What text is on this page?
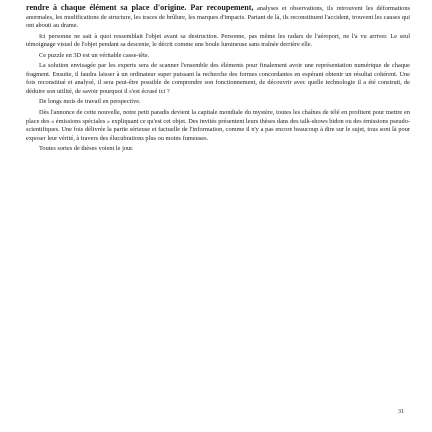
rendre à chaque élément sa place d'origine. Par recoupement, analyses et observations, ils retrouvent les déformations anormales, les modifications de structure, les traces de brûlure, les marques d'impacts. Partant de là, ils reconstituent l'accident, trouvent les causes qui ont abouti au drame.

Ici personne ne sait à quoi ressemblait l'objet avant sa destruction. Personne, pas même les radars de l'aéroport, ne l'a vu arriver. Le seul témoignage visuel de l'objet pendant sa descente, le décrit comme une boule lumineuse sans traînée derrière elle.

Ce puzzle en 3D est un véritable casse-tête.

La solution envisagée par les experts sera de scanner l'ensemble des éléments pour finalement avoir une représentation numérique de chaque fragment. Ensuite, il faudra laisser à un ordinateur super puissant la recherche des formes concordantes en espérant obtenir un résultat cohérent. Une fois reconstitué et analysé, il sera peut-être possible de comprendre son fonctionnement, de découvrir avec quelle technologie il a été construit, de déduire son utilité, de savoir pourquoi il s'est écrasé ici ?

De longs mois de travail en perspective.

Dès l'annonce de cette nouvelle, notre petit paradis devient la capitale mondiale du mystère, toutes les chaînes de télé en profitent pour mettre en place des « émissions spéciales » expliquant ce qu'est cet objet. Des invités présentent leurs thèses dans des talk-shows bidon ou des émissions pseudo-scientifiques. Une fois délivrée la partie sérieuse et factuelle de l'information, comme il n'y a pas encore beaucoup à dire sur le sujet, tous sont là pour exposer leur vérité, à travers des élucubrations plus ou moins fumeuses.

Toutes sortes de thèses voient le jour.

31
